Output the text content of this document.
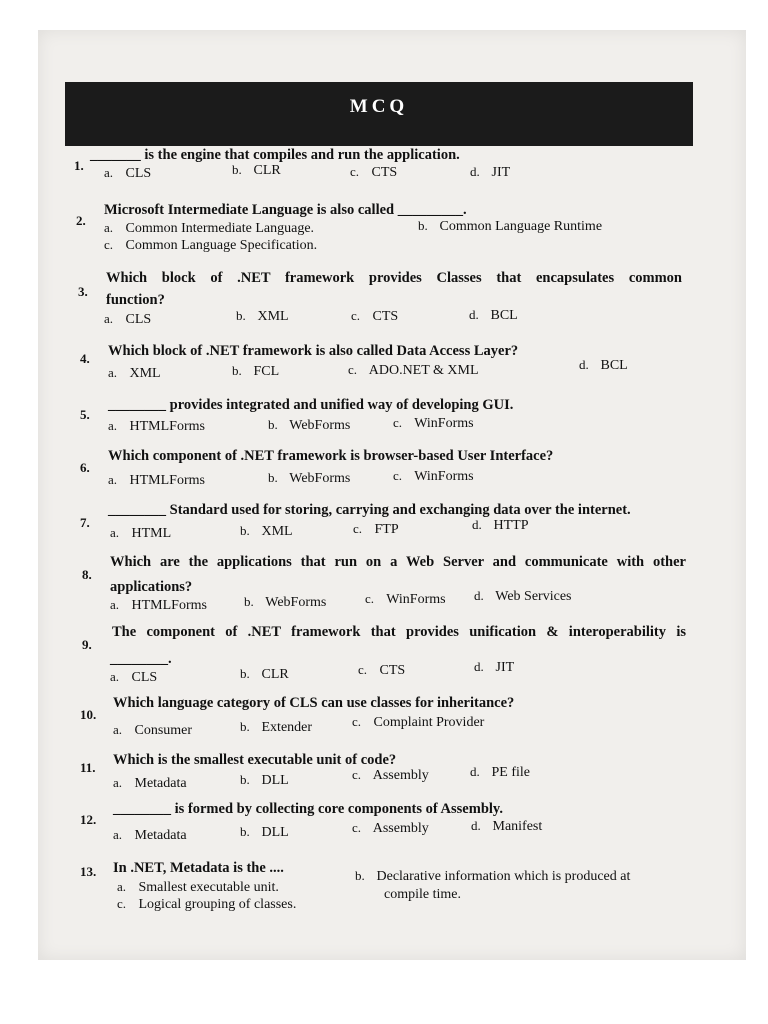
MCQ
1.
_______ is the engine that compiles and run the application.
a. CLS	b. CLR	c. CTS	d. JIT
2.
Microsoft Intermediate Language is also called _________.
a. Common Intermediate Language.	b. Common Language Runtime
c. Common Language Specification.
3.
Which block of .NET framework provides Classes that encapsulates common
function?
a. CLS	b. XML	c. CTS	d. BCL
4. Which block of .NET framework is also called Data Access Layer?
a. XML	b. FCL	c. ADO.NET & XML	d. BCL
5.
________ provides integrated and unified way of developing GUI.
a. HTMLForms	b. WebForms	c. WinForms
6.
Which component of .NET framework is browser-based User Interface?
a. HTMLForms	b. WebForms	c. WinForms
7.
________ Standard used for storing, carrying and exchanging data over the internet.
a. HTML	b. XML	c. FTP	d. HTTP
8.
Which are the applications that run on a Web Server and communicate with other
applications?
a. HTMLForms	b. WebForms	c. WinForms d. Web Services
9.
The component of .NET framework that provides unification & interoperability is
________.
a. CLS	b. CLR	c. CTS	d. JIT
10.
Which language category of CLS can use classes for inheritance?
a. Consumer	b. Extender	c. Complaint Provider
11. Which is the smallest executable unit of code?
a. Metadata	b. DLL	c. Assembly	d. PE file
12.
________ is formed by collecting core components of Assembly.
a. Metadata	b. DLL	c. Assembly	d. Manifest
13. In .NET, Metadata is the ....
a. Smallest executable unit.
b. Declarative information which is produced at
compile time.
c. Logical grouping of classes.
